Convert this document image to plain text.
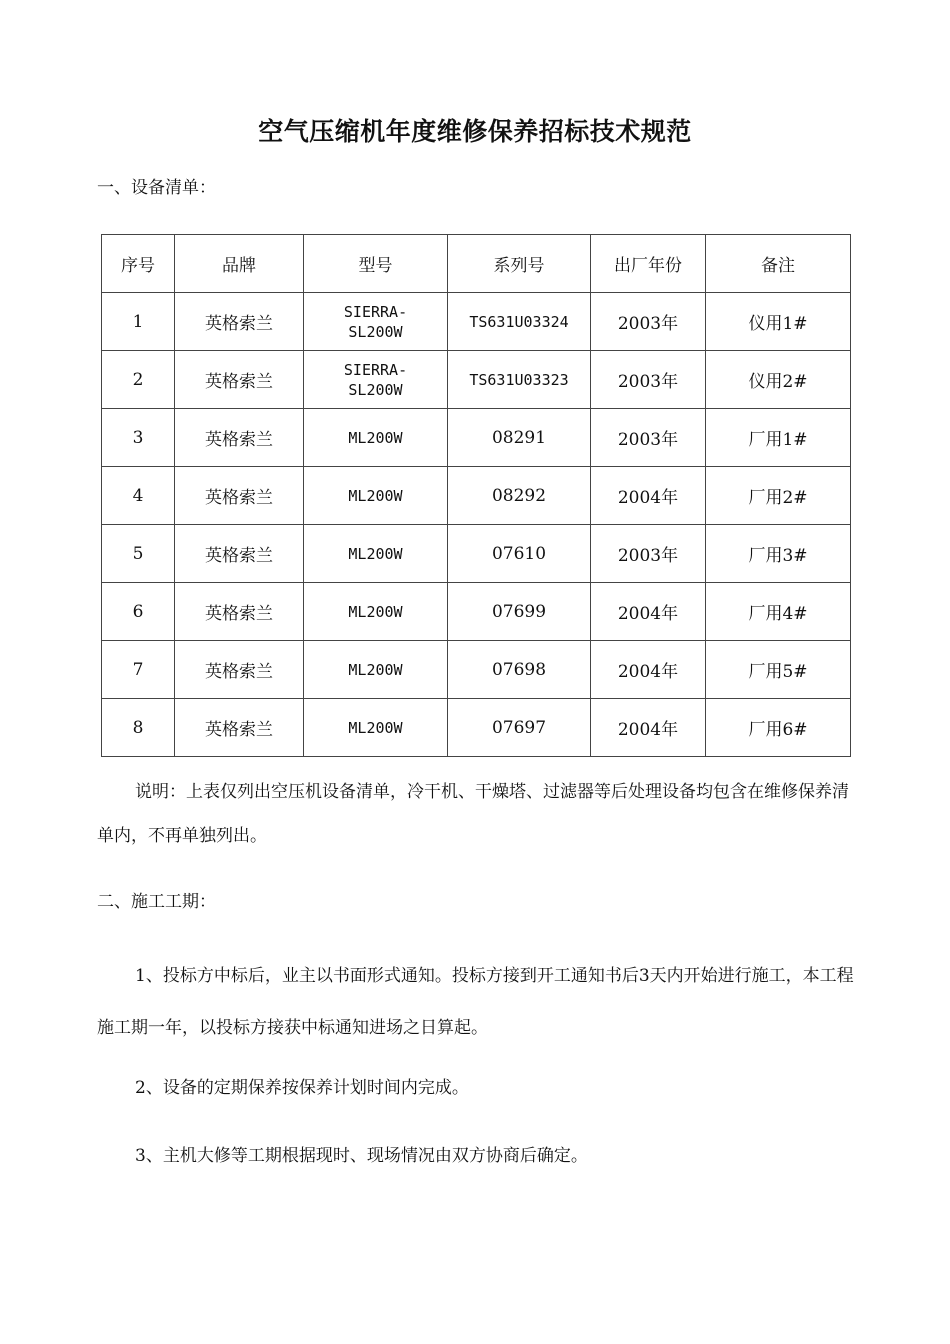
空气压缩机年度维修保养招标技术规范
一、设备清单：
序号	品牌	型号	系列号	出厂年份	备注
1	英格索兰	SIERRA-
SL200W	TS631U03324	2003年	仪用1#
2	英格索兰	SIERRA-
SL200W	TS631U03323	2003年	仪用2#
3	英格索兰	ML200W	08291	2003年	厂用1#
4	英格索兰	ML200W	08292	2004年	厂用2#
5	英格索兰	ML200W	07610	2003年	厂用3#
6	英格索兰	ML200W	07699	2004年	厂用4#
7	英格索兰	ML200W	07698	2004年	厂用5#
8	英格索兰	ML200W	07697	2004年	厂用6#
说明：上表仅列出空压机设备清单，冷干机、干燥塔、过滤器等后处理设备均包含在维修保养清单内，不再单独列出。
二、施工工期：
1、投标方中标后，业主以书面形式通知。投标方接到开工通知书后3天内开始进行施工，本工程施工期一年，以投标方接获中标通知进场之日算起。
2、设备的定期保养按保养计划时间内完成。
3、主机大修等工期根据现时、现场情况由双方协商后确定。
